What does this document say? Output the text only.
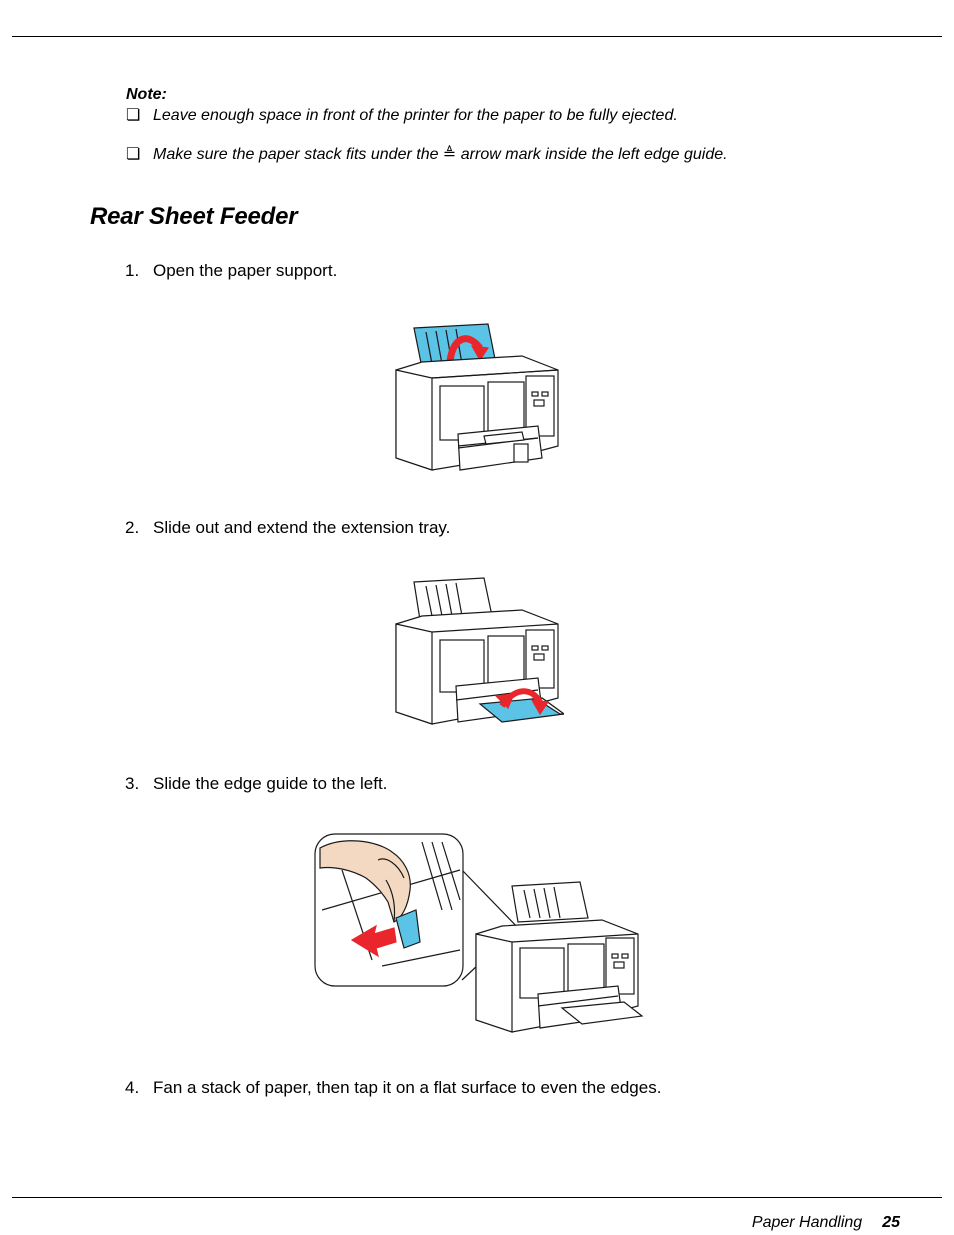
Note:
❏ Leave enough space in front of the printer for the paper to be fully ejected.
❏ Make sure the paper stack fits under the ≜ arrow mark inside the left edge guide.
Rear Sheet Feeder
1. Open the paper support.
2. Slide out and extend the extension tray.
3. Slide the edge guide to the left.
4. Fan a stack of paper, then tap it on a flat surface to even the edges.
Paper Handling 25
